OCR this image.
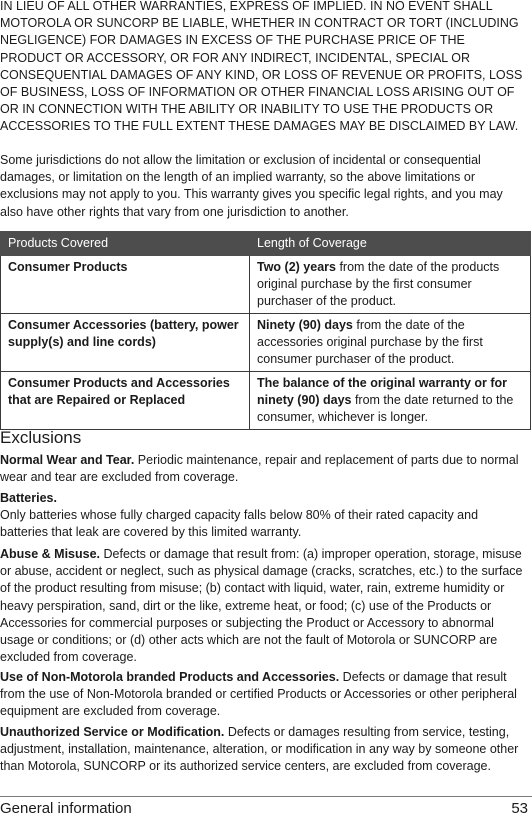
IN LIEU OF ALL OTHER WARRANTIES, EXPRESS OF IMPLIED. IN NO EVENT SHALL MOTOROLA OR SUNCORP BE LIABLE, WHETHER IN CONTRACT OR TORT (INCLUDING NEGLIGENCE) FOR DAMAGES IN EXCESS OF THE PURCHASE PRICE OF THE PRODUCT OR ACCESSORY, OR FOR ANY INDIRECT, INCIDENTAL, SPECIAL OR CONSEQUENTIAL DAMAGES OF ANY KIND, OR LOSS OF REVENUE OR PROFITS, LOSS OF BUSINESS, LOSS OF INFORMATION OR OTHER FINANCIAL LOSS ARISING OUT OF OR IN CONNECTION WITH THE ABILITY OR INABILITY TO USE THE PRODUCTS OR ACCESSORIES TO THE FULL EXTENT THESE DAMAGES MAY BE DISCLAIMED BY LAW.

Some jurisdictions do not allow the limitation or exclusion of incidental or consequential damages, or limitation on the length of an implied warranty, so the above limitations or exclusions may not apply to you. This warranty gives you specific legal rights, and you may also have other rights that vary from one jurisdiction to another.

Products Covered	Length of Coverage
Consumer Products	Two (2) years from the date of the products original purchase by the first consumer purchaser of the product.
Consumer Accessories (battery, power supply(s) and line cords)	Ninety (90) days from the date of the accessories original purchase by the first consumer purchaser of the product.
Consumer Products and Accessories that are Repaired or Replaced	The balance of the original warranty or for ninety (90) days from the date returned to the consumer, whichever is longer.
Exclusions

Normal Wear and Tear. Periodic maintenance, repair and replacement of parts due to normal wear and tear are excluded from coverage.

Batteries.Only batteries whose fully charged capacity falls below 80% of their rated capacity and batteries that leak are covered by this limited warranty.

Abuse & Misuse. Defects or damage that result from: (a) improper operation, storage, misuse or abuse, accident or neglect, such as physical damage (cracks, scratches, etc.) to the surface of the product resulting from misuse; (b) contact with liquid, water, rain, extreme humidity or heavy perspiration, sand, dirt or the like, extreme heat, or food; (c) use of the Products or Accessories for commercial purposes or subjecting the Product or Accessory to abnormal usage or conditions; or (d) other acts which are not the fault of Motorola or SUNCORP are excluded from coverage.

Use of Non-Motorola branded Products and Accessories. Defects or damage that result from the use of Non-Motorola branded or certified Products or Accessories or other peripheral equipment are excluded from coverage.

Unauthorized Service or Modification. Defects or damages resulting from service, testing, adjustment, installation, maintenance, alteration, or modification in any way by someone other than Motorola, SUNCORP or its authorized service centers, are excluded from coverage.

General information	53
